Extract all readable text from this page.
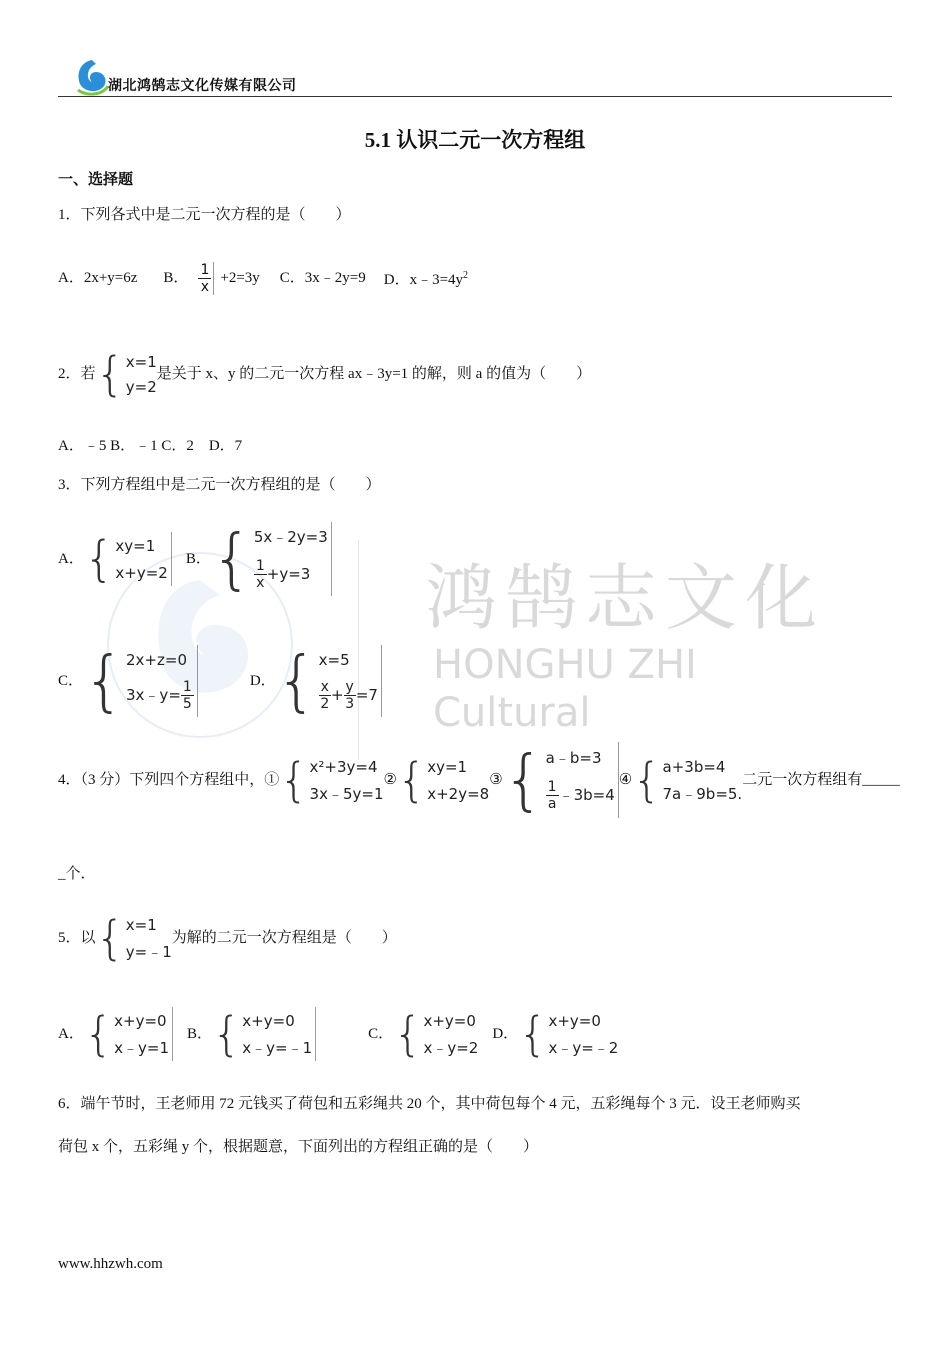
湖北鸿鹄志文化传媒有限公司
鸿鹄志文化
HONGHU ZHI
Cultural
5.1 认识二元一次方程组
一、选择题
1．下列各式中是二元一次方程的是（　　）
A．2x+y=6z B． $\frac{1}{x} +2=3y$ C．3x﹣2y=9 D．$x﹣3=4y^2$
2．若 { x=1
y=2
是关于 x、y 的二元一次方程 ax﹣3y=1 的解，则 a 的值为（　　）
A．﹣5 B．﹣1 C．2　D．7
3．下列方程组中是二元一次方程组的是（　　）
A． { xy=1
x+y=2
B． { 5x﹣2y=3
$\frac{1}{x} +y=3$
C． { 2x+z=0
3x﹣y= $\frac{1}{5}$	D． { x=5
$\frac{x}{2} + \frac{y}{3} =7$
4．（3 分）下列四个方程组中，① { x²+3y=4
3x﹣5y=1
② { xy=1
x+2y=8
③ { a﹣b=3
$\frac{1}{a}$ ﹣3b=4
④ { a+3b=4
7a﹣9b=5.
二元一次方程组有_____
_个．
5．以 { x=1
y=﹣1
为解的二元一次方程组是（　　）
A． { x+y=0
x﹣y=1
B． { x+y=0
x﹣y=﹣1
C． { x+y=0
x﹣y=2
D． { x+y=0
x﹣y=﹣2
6．端午节时，王老师用 72 元钱买了荷包和五彩绳共 20 个，其中荷包每个 4 元，五彩绳每个 3 元．设王老师购买
荷包 x 个，五彩绳 y 个，根据题意，下面列出的方程组正确的是（　　）
www.hhzwh.com
